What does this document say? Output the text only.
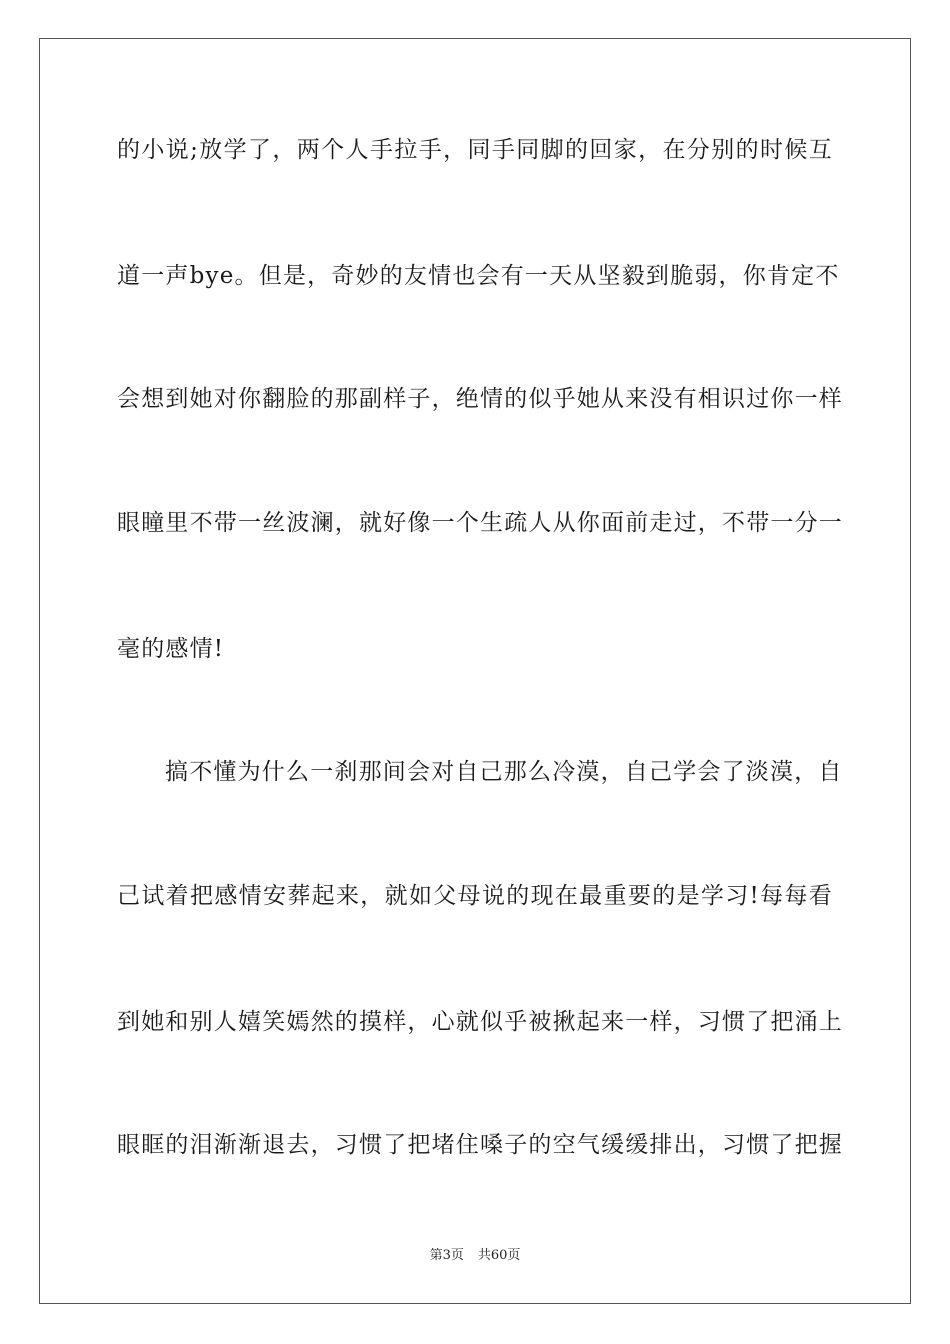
的小说;放学了，两个人手拉手，同手同脚的回家，在分别的时候互
道一声bye。但是，奇妙的友情也会有一天从坚毅到脆弱，你肯定不
会想到她对你翻脸的那副样子，绝情的似乎她从来没有相识过你一样
眼瞳里不带一丝波澜，就好像一个生疏人从你面前走过，不带一分一
毫的感情!
搞不懂为什么一刹那间会对自己那么冷漠，自己学会了淡漠，自
己试着把感情安葬起来，就如父母说的现在最重要的是学习!每每看
到她和别人嬉笑嫣然的摸样，心就似乎被揪起来一样，习惯了把涌上
眼眶的泪渐渐退去，习惯了把堵住嗓子的空气缓缓排出，习惯了把握
第3页 共60页
